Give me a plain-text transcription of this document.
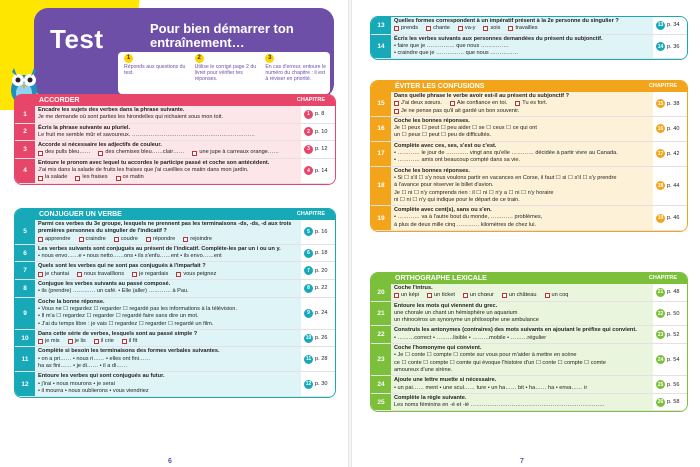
Test	Pour bien démarrer ton entraînement…
1
Réponds aux questions du test.
2
Utilise le corrigé page 2 du livret pour vérifier tes réponses.
3
En cas d'erreur, entoure le numéro du chapitre : il est à réviser en priorité.
ACCORDER	CHAPITRE
1
Encadre les sujets des verbes dans la phrase suivante.
Je me demande où sont parties les hirondelles qui nichaient sous mon toit.	1 p. 8
2
Écris la phrase suivante au pluriel.
Le fruit me semble mûr et savoureux. …………………………………………………………	2 p. 10
3
Accorde si nécessaire les adjectifs de couleur.
des pulls bleu……	des chemises bleu……clair……	une jupe à carreaux orange……	3 p. 12
4
Entoure le pronom avec lequel tu accordes le participe passé et coche son antécédent.
J'ai mis dans la salade de fruits les fraises que j'ai cueillies ce matin dans mon jardin.
la salade	les fraises	ce matin
4 p. 14
CONJUGUER UN VERBE	CHAPITRE
5
Parmi ces verbes du 3e groupe, lesquels ne prennent pas les terminaisons -ds, -ds, -d aux trois premières personnes du singulier de l'indicatif ?
apprendre	craindre	coudre	répondre	rejoindre
5 p. 16
6
Les verbes suivants sont conjugués au présent de l'indicatif. Complète-les par un i ou un y.
• nous envo……e • nous netto……ons • ils s'enfu……ent • ils envo……ent	6 p. 18
7
Quels sont les verbes qui ne sont pas conjugués à l'imparfait ?
je chantai	nous travaillions	je regardais	vous peignez	7 p. 20
8
Conjugue les verbes suivants au passé composé.
• ils (prendre) ………… un café. • Elle (aller) ………… à Pau.	8 p. 22
9
Coche la bonne réponse.
• Vous ne ☐ regardez ☐ regarder ☐ regardé pas les informations à la télévision.
• Il m'a ☐ regardez ☐ regarder ☐ regardé faire sans dire un mot.
• J'ai du temps libre : je vais ☐ regardez ☐ regarder ☐ regardé un film.
9 p. 24
10
Dans cette série de verbes, lesquels sont au passé simple ?
je mis	je lis	il crie	il fit	10 p. 26
11
Complète si besoin les terminaisons des formes verbales suivantes.
• on a pri…… • nous ri…… • elles ont fini……
ha as fini…… • je di…… • il a di……
11 p. 28
12
Entoure les verbes qui sont conjugués au futur.
• j'irai • nous mourons • je serai
• il mourra • nous oublierons • vous viendriez
12 p. 30
6
13
Quelles formes correspondent à un impératif présent à la 2e personne du singulier ?
prends	chante	va-y	sois	travailles	13 p. 34
14
Écris les verbes suivants aux personnes demandées du présent du subjonctif.
• faire que je …………… que nous ……………
• craindre que je …………… que nous ……………
14 p. 36
ÉVITER LES CONFUSIONS	CHAPITRE
15
Dans quelle phrase le verbe avoir est-il au présent du subjonctif ?
J'ai deux sœurs.	Aie confiance en toi.	Tu es fort.
Je ne pense pas qu'il ait gardé un bon souvenir.
15 p. 38
16
Coche les bonnes réponses.
Je ☐ peux ☐ peut ☐ peu aider ☐ se ☐ ceux ☐ ce qui ont
un ☐ peux ☐ peut ☐ peu de difficultés.
16 p. 40
17
Complète avec ces, ses, s'est ou c'est.
• ………… le jour de ………… vingt ans qu'elle ………… décidée à partir vivre au Canada.
• ………… amis ont beaucoup compté dans sa vie.
17 p. 42
18
Coche les bonnes réponses.
• Si ☐ s'il ☐ s'y nous voulons partir en vacances en Corse, il faut ☐ si ☐ s'il ☐ s'y prendre
à l'avance pour réserver le billet d'avion.
Je ☐ ni ☐ n'y comprends rien : il ☐ ni ☐ n'y a ☐ ni ☐ n'y horaire
ni ☐ ni ☐ n'y qui indique pour le départ de ce train.
18 p. 44
19
Complète avec cent(s), sans ou s'en.
• ………… va à l'autre bout du monde, ………… problèmes,
à plus de deux mille cinq ………… kilomètres de chez lui.
19 p. 46
ORTHOGRAPHE LEXICALE	CHAPITRE
20
Coche l'intrus.
un képi	un ticket	un chœur	un château	un coq	21 p. 48
21
Entoure les mots qui viennent du grec.
une chorale un chant un hémisphère un aquarium
un rhinocéros un synonyme un philosophe une ambulance
22 p. 50
22
Construis les antonymes (contraires) des mots suivants en ajoutant le préfixe qui convient.
• ………correct • ………lisible • ………mobile • ………régulier	23 p. 52
23
Coche l'homonyme qui convient.
• Je ☐ conte ☐ compte ☐ comte sur vous pour m'aider à mettre en scène
ce ☐ conte ☐ compte ☐ comte qui évoque l'histoire d'un ☐ conte ☐ compte ☐ comte
amoureux d'une sirène.
24 p. 54
24
Ajoute une lettre muette si nécessaire.
• un pai…… ment • une scul…… ture • un ha…… bit • ha…… ha • enva…… ir	25 p. 56
25
Complète la règle suivante.
Les noms féminins en -é et -ié ………………………………………………………………	26 p. 58
7
